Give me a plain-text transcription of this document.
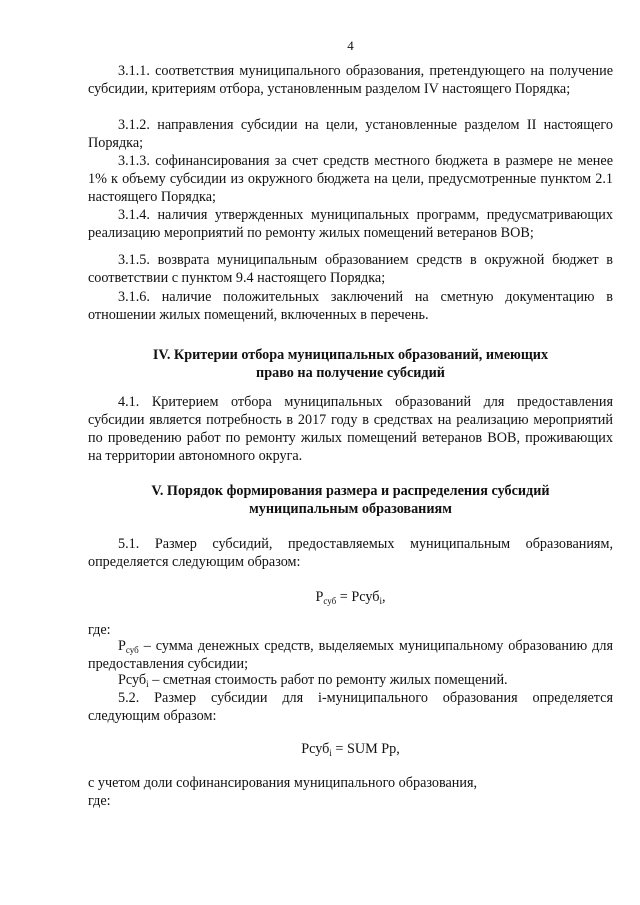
4
3.1.1. соответствия муниципального образования, претендующего на получение субсидии, критериям отбора, установленным разделом IV настоящего Порядка;
3.1.2. направления субсидии на цели, установленные разделом II настоящего Порядка;
3.1.3. софинансирования за счет средств местного бюджета в размере не менее 1% к объему субсидии из окружного бюджета на цели, предусмотренные пунктом 2.1 настоящего Порядка;
3.1.4. наличия утвержденных муниципальных программ, предусматривающих реализацию мероприятий по ремонту жилых помещений ветеранов ВОВ;
3.1.5. возврата муниципальным образованием средств в окружной бюджет в соответствии с пунктом 9.4 настоящего Порядка;
3.1.6. наличие положительных заключений на сметную документацию в отношении жилых помещений, включенных в перечень.
IV. Критерии отбора муниципальных образований, имеющих
право на получение субсидий
4.1. Критерием отбора муниципальных образований для предоставления субсидии является потребность в 2017 году в средствах на реализацию мероприятий по проведению работ по ремонту жилых помещений ветеранов ВОВ, проживающих на территории автономного округа.
V. Порядок формирования размера и распределения субсидий
муниципальным образованиям
5.1. Размер субсидий, предоставляемых муниципальным образованиям, определяется следующим образом:
$Р_{суб}$ = Рсуб$_i$,
где:
$Р_{суб}$ – сумма денежных средств, выделяемых муниципальному образованию для предоставления субсидии;
Рсуб$_i$ – сметная стоимость работ по ремонту жилых помещений.
5.2. Размер субсидии для i-муниципального образования определяется следующим образом:
Рсуб$_i$ = SUM Рр,
с учетом доли софинансирования муниципального образования,
где:
